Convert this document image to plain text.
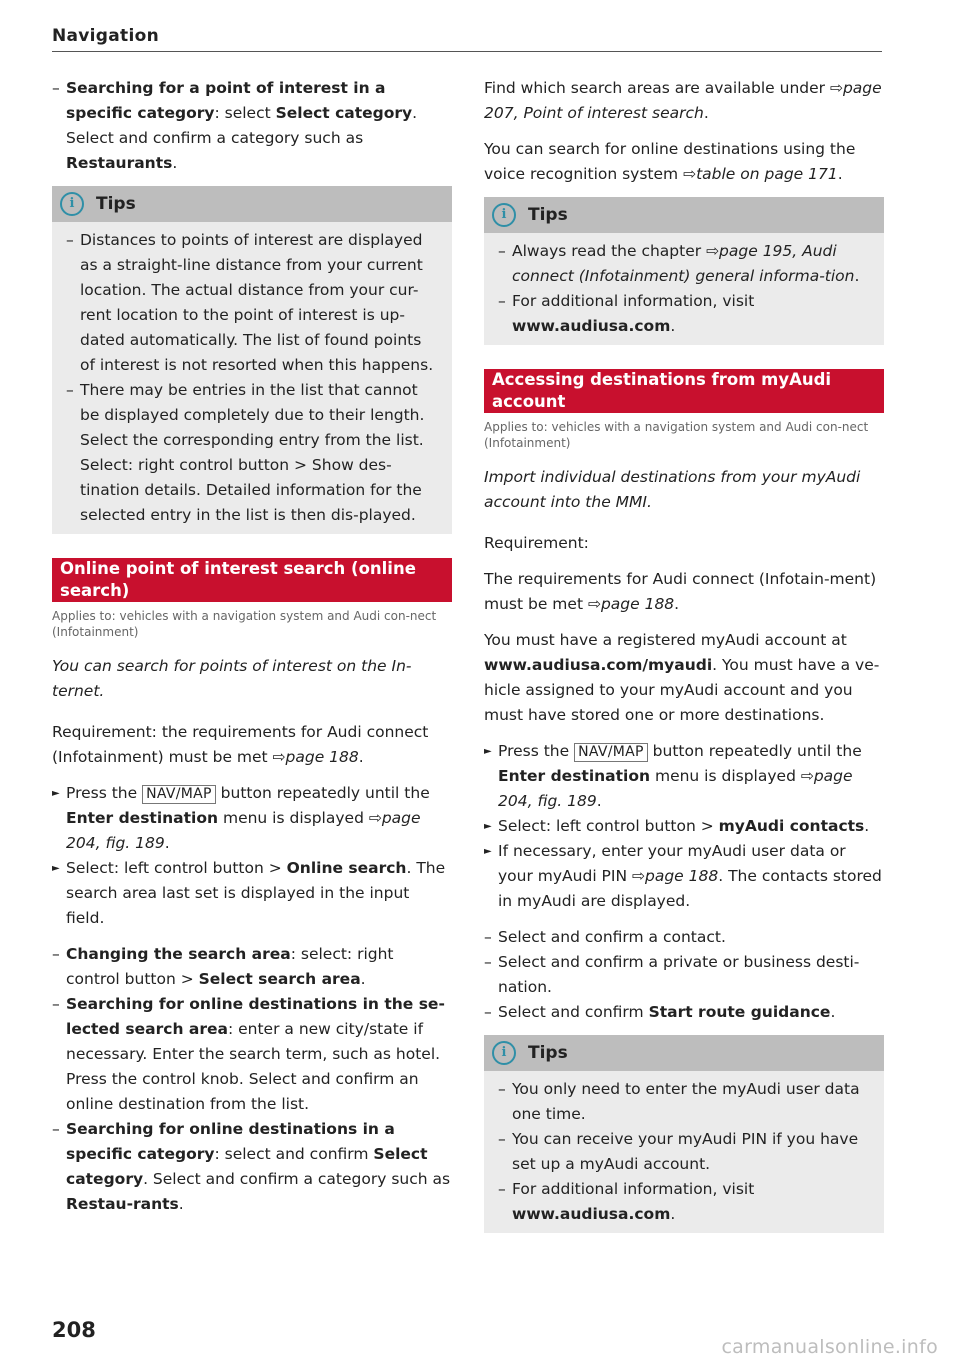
Navigation

– Searching for a point of interest in a specific category: select Select category. Select and confirm a category such as Restaurants.

i	Tips

– Distances to points of interest are displayed as a straight-line distance from your current location. The actual distance from your cur-rent location to the point of interest is up-dated automatically. The list of found points of interest is not resorted when this happens.

– There may be entries in the list that cannot be displayed completely due to their length. Select the corresponding entry from the list. Select: right control button > Show des-tination details. Detailed information for the selected entry in the list is then dis-played.

Online point of interest search (online search)
Applies to: vehicles with a navigation system and Audi con-nect (Infotainment)

You can search for points of interest on the In-ternet.

Requirement: the requirements for Audi connect (Infotainment) must be met ⇨page 188.

► Press the NAV/MAP button repeatedly until the Enter destination menu is displayed ⇨page 204, fig. 189.

► Select: left control button > Online search. The search area last set is displayed in the input field.

– Changing the search area: select: right control button > Select search area.

– Searching for online destinations in the se-lected search area: enter a new city/state if necessary. Enter the search term, such as hotel. Press the control knob. Select and confirm an online destination from the list.

– Searching for online destinations in a specific category: select and confirm Select category. Select and confirm a category such as Restau-rants.

Find which search areas are available under ⇨page 207, Point of interest search.

You can search for online destinations using the voice recognition system ⇨table on page 171.

i	Tips

– Always read the chapter ⇨page 195, Audi connect (Infotainment) general informa-tion.

– For additional information, visit www.audiusa.com.

Accessing destinations from myAudi account
Applies to: vehicles with a navigation system and Audi con-nect (Infotainment)

Import individual destinations from your myAudi account into the MMI.

Requirement:

The requirements for Audi connect (Infotain-ment) must be met ⇨page 188.

You must have a registered myAudi account at www.audiusa.com/myaudi. You must have a ve-hicle assigned to your myAudi account and you must have stored one or more destinations.

► Press the NAV/MAP button repeatedly until the Enter destination menu is displayed ⇨page 204, fig. 189.

► Select: left control button > myAudi contacts.

► If necessary, enter your myAudi user data or your myAudi PIN ⇨page 188. The contacts stored in myAudi are displayed.

– Select and confirm a contact.

– Select and confirm a private or business desti-nation.

– Select and confirm Start route guidance.

i	Tips

– You only need to enter the myAudi user data one time.

– You can receive your myAudi PIN if you have set up a myAudi account.

– For additional information, visit www.audiusa.com.

208
carmanualsonline.info
